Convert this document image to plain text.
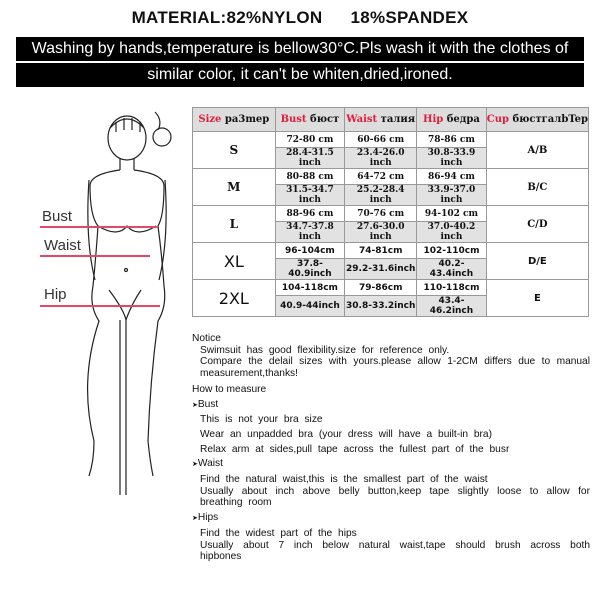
MATERIAL:82%NYLON 18%SPANDEX
Washing by hands,temperature is bellow30°C.Pls wash it with the clothes of
similar color, it can't be whiten,dried,ironed.
Bust
Waist
Hip
Size pa3mep	Bust бюст	Waist талия	Hip бедра	Cup бюстгалbTep
S	72-80 cm	60-66 cm	78-86 cm	A/B
	28.4-31.5 inch	23.4-26.0 inch	30.8-33.9 inch	
M	80-88 cm	64-72 cm	86-94 cm	B/C
	31.5-34.7 inch	25.2-28.4 inch	33.9-37.0 inch	
L	88-96 cm	70-76 cm	94-102 cm	C/D
	34.7-37.8 inch	27.6-30.0 inch	37.0-40.2 inch	
XL	96-104cm	74-81cm	102-110cm	D/E
	37.8-40.9inch	29.2-31.6inch	40.2-43.4inch	
2XL	104-118cm	79-86cm	110-118cm	E
	40.9-44inch	30.8-33.2inch	43.4-46.2inch	
Notice
Swimsuit has good flexibility.size for reference only.
Compare the delail sizes with yours.please allow 1-2CM differs due to manual measurement,thanks!
How to measure
➤Bust
This is not your bra size
Wear an unpadded bra (your dress will have a built-in bra)
Relax arm at sides,pull tape across the fullest part of the busr
➤Waist
Find the natural waist,this is the smallest part of the waist
Usually about inch above belly button,keep tape slightly loose to allow for breathing room
➤Hips
Find the widest part of the hips
Usually about 7 inch below natural waist,tape should brush across both hipbones
